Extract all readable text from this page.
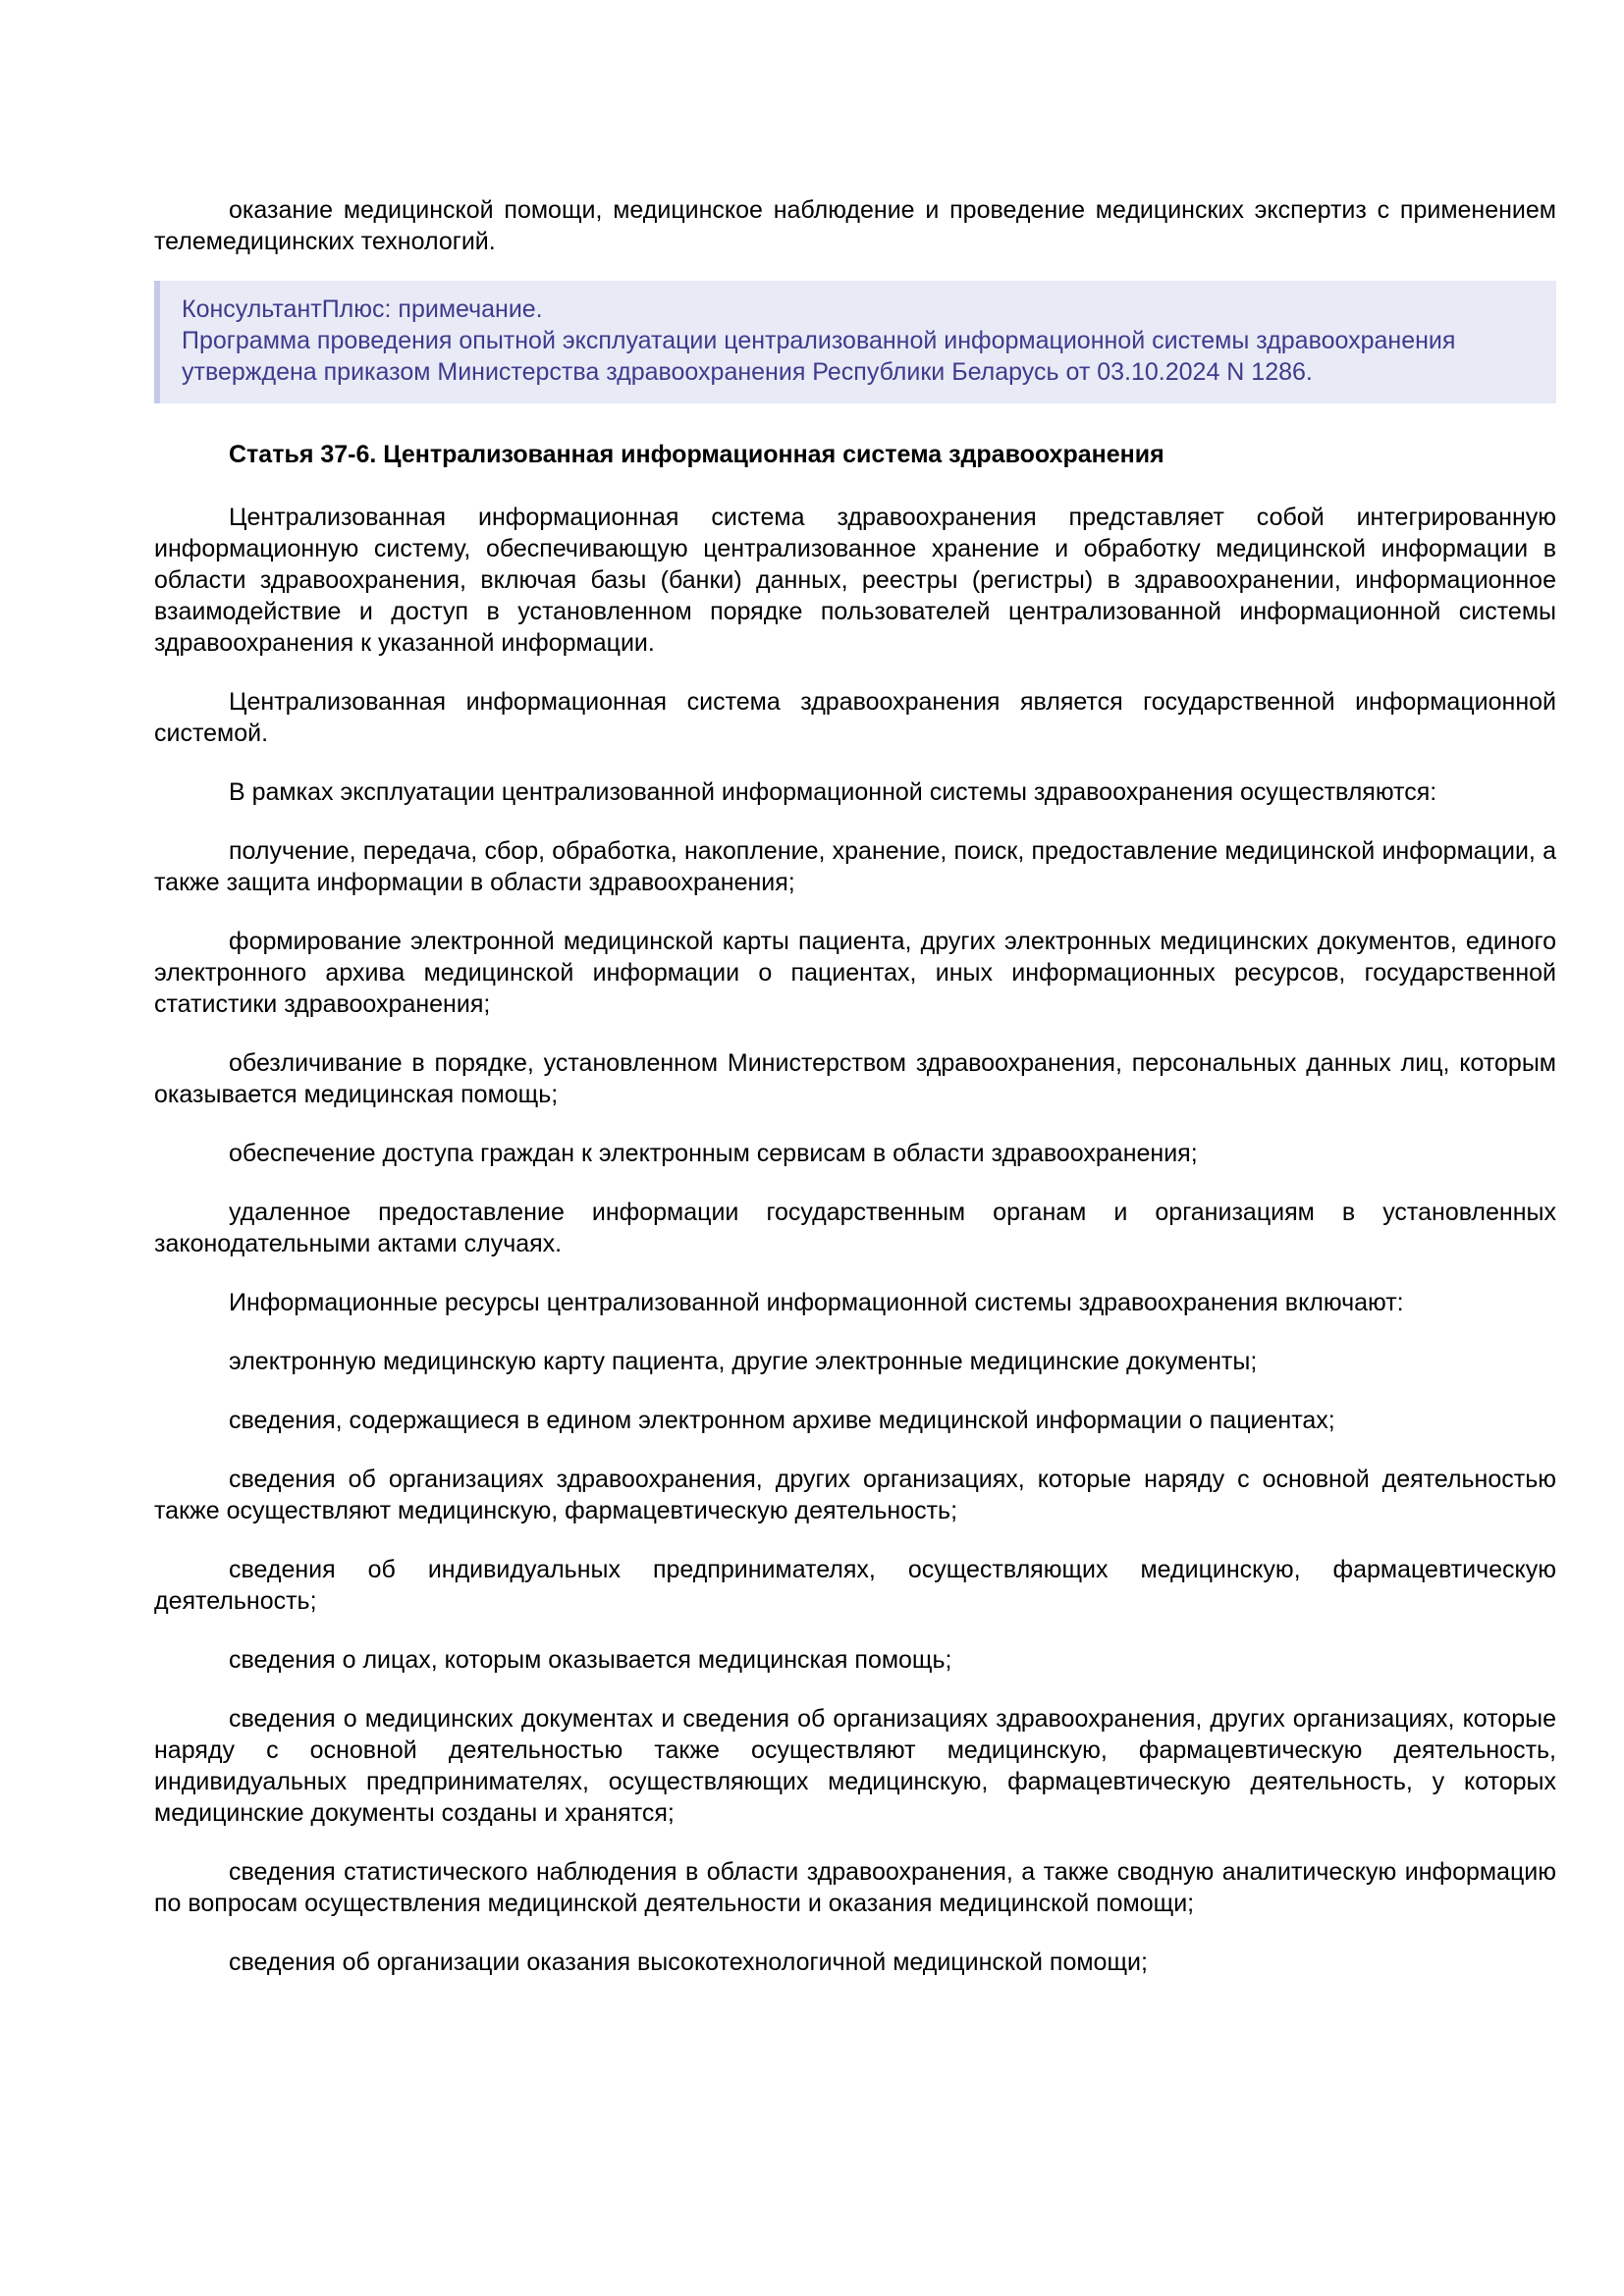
оказание медицинской помощи, медицинское наблюдение и проведение медицинских экспертиз с применением телемедицинских технологий.

КонсультантПлюс: примечание.
Программа проведения опытной эксплуатации централизованной информационной системы здравоохранения утверждена приказом Министерства здравоохранения Республики Беларусь от 03.10.2024 N 1286.

Статья 37-6. Централизованная информационная система здравоохранения

Централизованная информационная система здравоохранения представляет собой интегрированную информационную систему, обеспечивающую централизованное хранение и обработку медицинской информации в области здравоохранения, включая базы (банки) данных, реестры (регистры) в здравоохранении, информационное взаимодействие и доступ в установленном порядке пользователей централизованной информационной системы здравоохранения к указанной информации.

Централизованная информационная система здравоохранения является государственной информационной системой.

В рамках эксплуатации централизованной информационной системы здравоохранения осуществляются:

получение, передача, сбор, обработка, накопление, хранение, поиск, предоставление медицинской информации, а также защита информации в области здравоохранения;

формирование электронной медицинской карты пациента, других электронных медицинских документов, единого электронного архива медицинской информации о пациентах, иных информационных ресурсов, государственной статистики здравоохранения;

обезличивание в порядке, установленном Министерством здравоохранения, персональных данных лиц, которым оказывается медицинская помощь;

обеспечение доступа граждан к электронным сервисам в области здравоохранения;

удаленное предоставление информации государственным органам и организациям в установленных законодательными актами случаях.

Информационные ресурсы централизованной информационной системы здравоохранения включают:

электронную медицинскую карту пациента, другие электронные медицинские документы;

сведения, содержащиеся в едином электронном архиве медицинской информации о пациентах;

сведения об организациях здравоохранения, других организациях, которые наряду с основной деятельностью также осуществляют медицинскую, фармацевтическую деятельность;

сведения об индивидуальных предпринимателях, осуществляющих медицинскую, фармацевтическую деятельность;

сведения о лицах, которым оказывается медицинская помощь;

сведения о медицинских документах и сведения об организациях здравоохранения, других организациях, которые наряду с основной деятельностью также осуществляют медицинскую, фармацевтическую деятельность, индивидуальных предпринимателях, осуществляющих медицинскую, фармацевтическую деятельность, у которых медицинские документы созданы и хранятся;

сведения статистического наблюдения в области здравоохранения, а также сводную аналитическую информацию по вопросам осуществления медицинской деятельности и оказания медицинской помощи;

сведения об организации оказания высокотехнологичной медицинской помощи;
